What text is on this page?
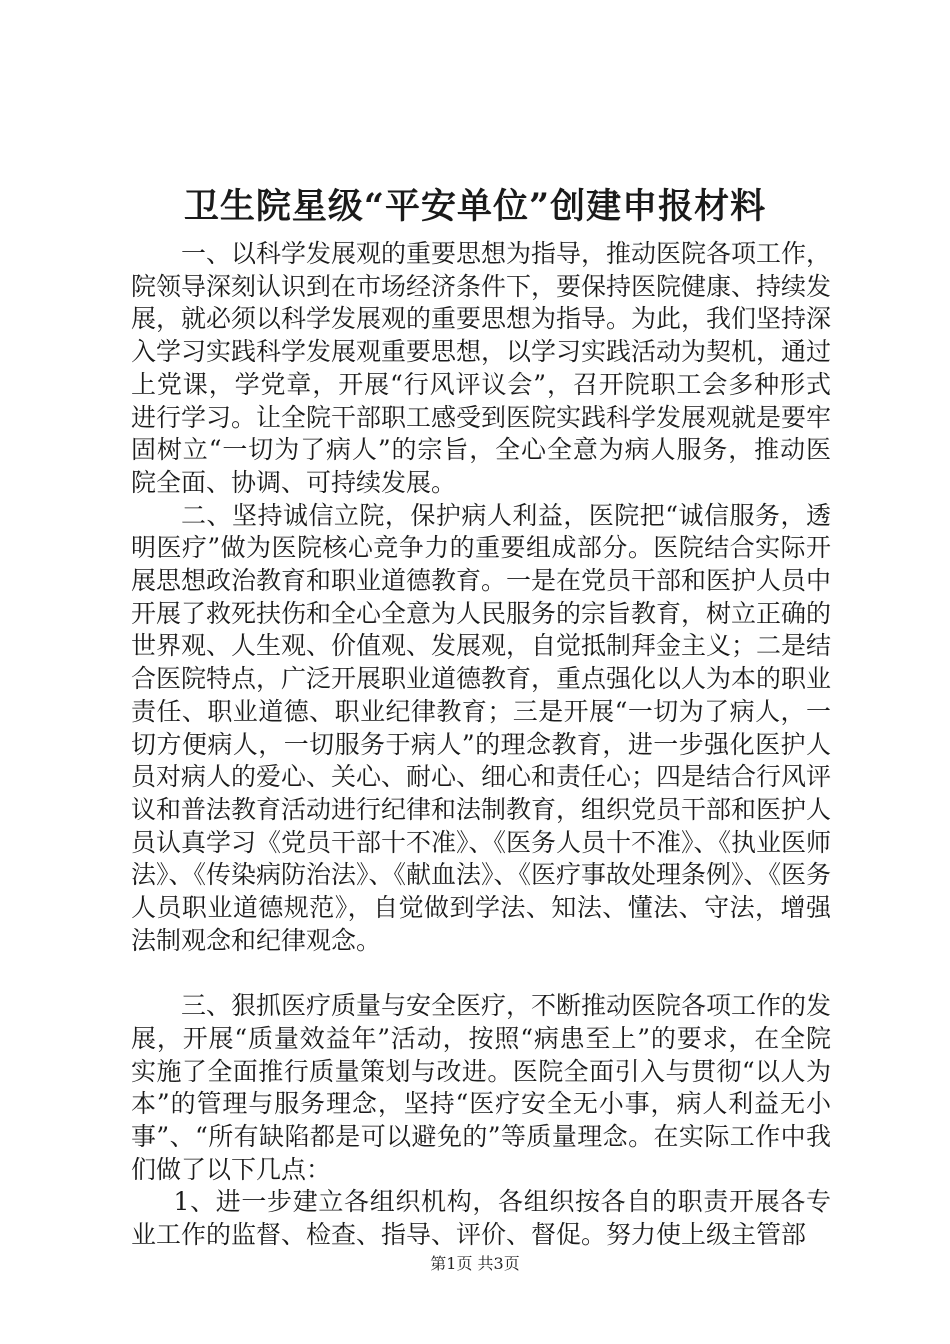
卫生院星级“平安单位”创建申报材料

一、以科学发展观的重要思想为指导，推动医院各项工作，院领导深刻认识到在市场经济条件下，要保持医院健康、持续发展，就必须以科学发展观的重要思想为指导。为此，我们坚持深入学习实践科学发展观重要思想，以学习实践活动为契机，通过上党课，学党章，开展“行风评议会”，召开院职工会多种形式进行学习。让全院干部职工感受到医院实践科学发展观就是要牢固树立“一切为了病人”的宗旨，全心全意为病人服务，推动医院全面、协调、可持续发展。

二、坚持诚信立院，保护病人利益，医院把“诚信服务，透明医疗”做为医院核心竞争力的重要组成部分。医院结合实际开展思想政治教育和职业道德教育。一是在党员干部和医护人员中开展了救死扶伤和全心全意为人民服务的宗旨教育，树立正确的世界观、人生观、价值观、发展观，自觉抵制拜金主义；二是结合医院特点，广泛开展职业道德教育，重点强化以人为本的职业责任、职业道德、职业纪律教育；三是开展“一切为了病人，一切方便病人，一切服务于病人”的理念教育，进一步强化医护人员对病人的爱心、关心、耐心、细心和责任心；四是结合行风评议和普法教育活动进行纪律和法制教育，组织党员干部和医护人员认真学习《党员干部十不准》、《医务人员十不准》、《执业医师法》、《传染病防治法》、《献血法》、《医疗事故处理条例》、《医务人员职业道德规范》，自觉做到学法、知法、懂法、守法，增强法制观念和纪律观念。

三、狠抓医疗质量与安全医疗，不断推动医院各项工作的发展，开展“质量效益年”活动，按照“病患至上”的要求，在全院实施了全面推行质量策划与改进。医院全面引入与贯彻“以人为本”的管理与服务理念，坚持“医疗安全无小事，病人利益无小事”、“所有缺陷都是可以避免的”等质量理念。在实际工作中我们做了以下几点：

1、进一步建立各组织机构，各组织按各自的职责开展各专业工作的监督、检查、指导、评价、督促。努力使上级主管部

第1页 共3页
